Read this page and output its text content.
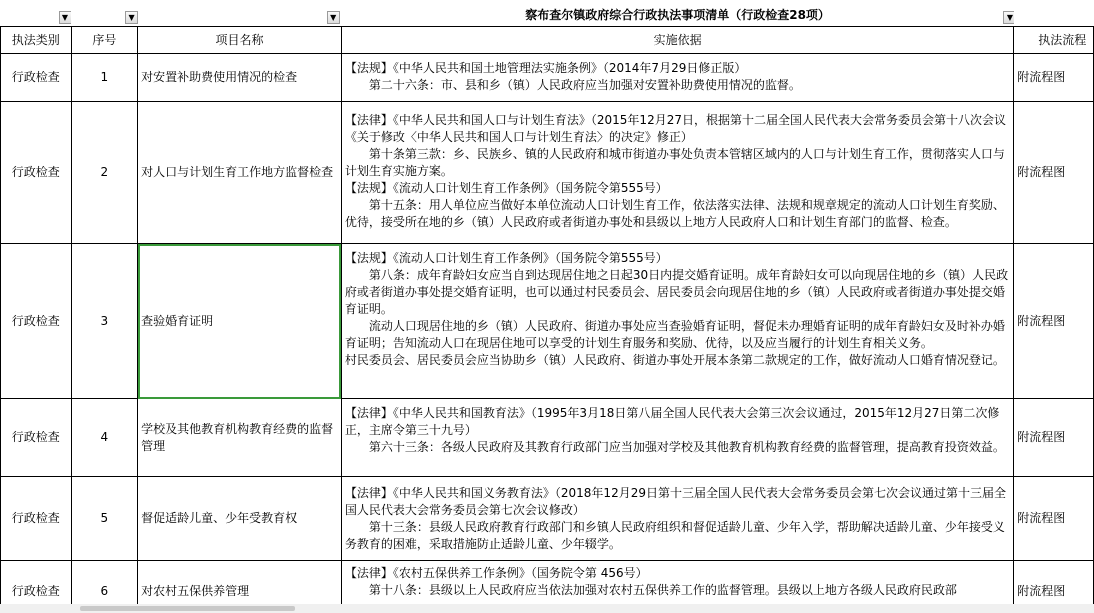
▼	▼	▼	察布查尔镇政府综合行政执法事项清单（行政检查28项） ▼	

执法类别	序号	项目名称	实施依据	执法流程
行政检查	1	对安置补助费使用情况的检查	【法规】《中华人民共和国土地管理法实施条例》（2014年7月29日修正版）
第二十六条：市、县和乡（镇）人民政府应当加强对安置补助费使用情况的监督。	附流程图
行政检查	2	对人口与计划生育工作地方监督检查	【法律】《中华人民共和国人口与计划生育法》（2015年12月27日，根据第十二届全国人民代表大会常务委员会第十八次会议《关于修改〈中华人民共和国人口与计划生育法〉的决定》修正）
第十条第三款：乡、民族乡、镇的人民政府和城市街道办事处负责本管辖区域内的人口与计划生育工作，贯彻落实人口与计划生育实施方案。
【法规】《流动人口计划生育工作条例》（国务院令第555号）
第十五条：用人单位应当做好本单位流动人口计划生育工作，依法落实法律、法规和规章规定的流动人口计划生育奖励、优待，接受所在地的乡（镇）人民政府或者街道办事处和县级以上地方人民政府人口和计划生育部门的监督、检查。	附流程图
行政检查	3	查验婚育证明	【法规】《流动人口计划生育工作条例》（国务院令第555号）
第八条：成年育龄妇女应当自到达现居住地之日起30日内提交婚育证明。成年育龄妇女可以向现居住地的乡（镇）人民政府或者街道办事处提交婚育证明，也可以通过村民委员会、居民委员会向现居住地的乡（镇）人民政府或者街道办事处提交婚育证明。
流动人口现居住地的乡（镇）人民政府、街道办事处应当查验婚育证明，督促未办理婚育证明的成年育龄妇女及时补办婚育证明；告知流动人口在现居住地可以享受的计划生育服务和奖励、优待，以及应当履行的计划生育相关义务。
村民委员会、居民委员会应当协助乡（镇）人民政府、街道办事处开展本条第二款规定的工作，做好流动人口婚育情况登记。	附流程图
行政检查	4	学校及其他教育机构教育经费的监督管理	【法律】《中华人民共和国教育法》（1995年3月18日第八届全国人民代表大会第三次会议通过，2015年12月27日第二次修正，主席令第三十九号）
第六十三条：各级人民政府及其教育行政部门应当加强对学校及其他教育机构教育经费的监督管理，提高教育投资效益。	附流程图
行政检查	5	督促适龄儿童、少年受教育权	【法律】《中华人民共和国义务教育法》（2018年12月29日第十三届全国人民代表大会常务委员会第七次会议通过第十三届全国人民代表大会常务委员会第七次会议修改）
第十三条：县级人民政府教育行政部门和乡镇人民政府组织和督促适龄儿童、少年入学，帮助解决适龄儿童、少年接受义务教育的困难，采取措施防止适龄儿童、少年辍学。	附流程图
行政检查	6	对农村五保供养管理	【法律】《农村五保供养工作条例》（国务院令第 456号）
第十八条：县级以上人民政府应当依法加强对农村五保供养工作的监督管理。县级以上地方各级人民政府民政部	附流程图
